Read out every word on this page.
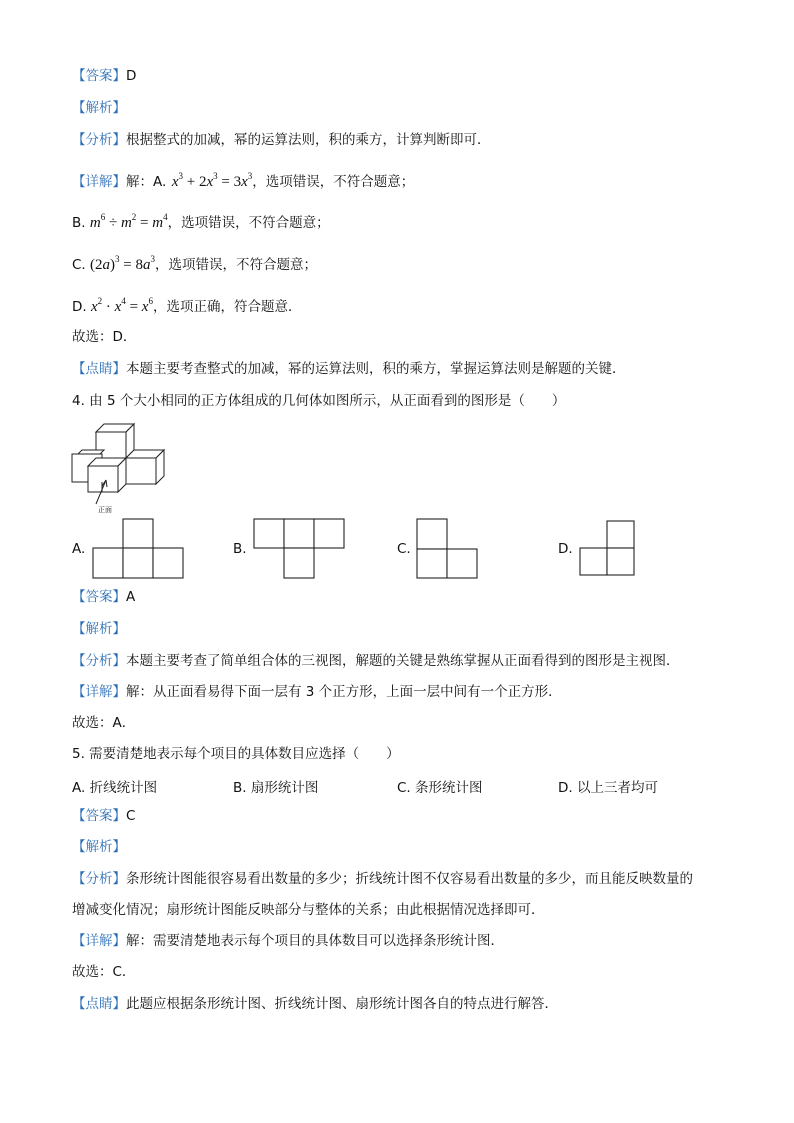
【答案】D
【解析】
【分析】根据整式的加减，幂的运算法则，积的乘方，计算判断即可．
【详解】解：A.  $x^3 + 2x^3 = 3x^3$，选项错误，不符合题意；
B. $m^6 \div m^2 = m^4$，选项错误，不符合题意；
C. $(2a)^3 = 8a^3$，选项错误，不符合题意；
D. $x^2 \cdot x^4 = x^6$，选项正确，符合题意．
故选：D．
【点睛】本题主要考查整式的加减，幂的运算法则，积的乘方，掌握运算法则是解题的关键．
4. 由 5 个大小相同的正方体组成的几何体如图所示，从正面看到的图形是（　　）
正面
A.	B.	C.	D.
【答案】A
【解析】
【分析】本题主要考查了简单组合体的三视图，解题的关键是熟练掌握从正面看得到的图形是主视图．
【详解】解：从正面看易得下面一层有 3 个正方形，上面一层中间有一个正方形．
故选：A．
5. 需要清楚地表示每个项目的具体数目应选择（　　）
A. 折线统计图	B. 扇形统计图	C. 条形统计图	D. 以上三者均可
【答案】C
【解析】
【分析】条形统计图能很容易看出数量的多少；折线统计图不仅容易看出数量的多少，而且能反映数量的
增减变化情况；扇形统计图能反映部分与整体的关系；由此根据情况选择即可．
【详解】解：需要清楚地表示每个项目的具体数目可以选择条形统计图．
故选：C．
【点睛】此题应根据条形统计图、折线统计图、扇形统计图各自的特点进行解答．
